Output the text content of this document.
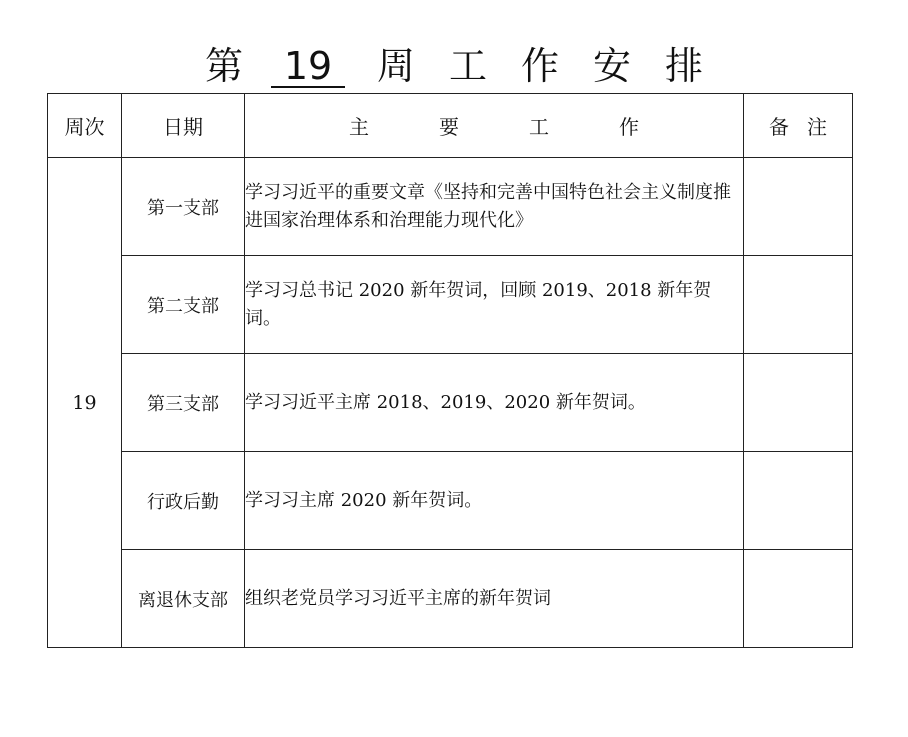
第 19 周工作安排
周次	日期	主要工作	备注
19	第一支部	学习习近平的重要文章《坚持和完善中国特色社会主义制度推进国家治理体系和治理能力现代化》	
	第二支部	学习习总书记 2020 新年贺词，回顾 2019、2018 新年贺词。	
	第三支部	学习习近平主席 2018、2019、2020 新年贺词。	
	行政后勤	学习习主席 2020 新年贺词。	
	离退休支部	组织老党员学习习近平主席的新年贺词	
